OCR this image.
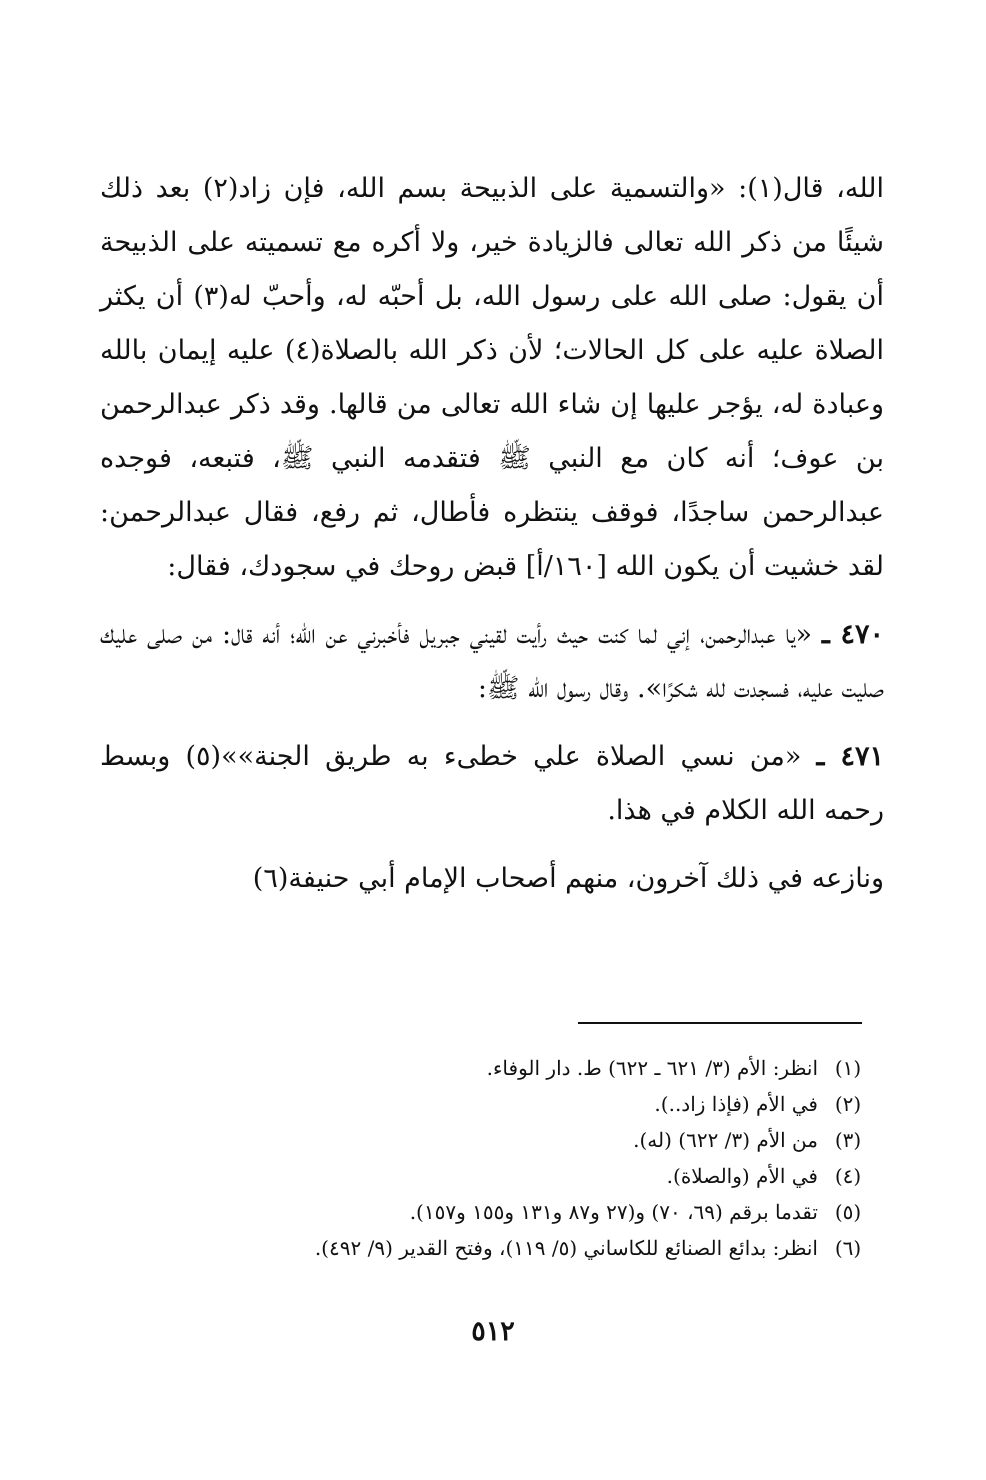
الله، قال(١): «والتسمية على الذبيحة بسم الله، فإن زاد(٢) بعد ذلك شيئًا من ذكر الله تعالى فالزيادة خير، ولا أكره مع تسميته على الذبيحة أن يقول: صلى الله على رسول الله، بل أحبّه له، وأحبّ له(٣) أن يكثر الصلاة عليه على كل الحالات؛ لأن ذكر الله بالصلاة(٤) عليه إيمان بالله وعبادة له، يؤجر عليها إن شاء الله تعالى من قالها. وقد ذكر عبدالرحمن بن عوف؛ أنه كان مع النبي ﷺ فتقدمه النبي ﷺ، فتبعه، فوجده عبدالرحمن ساجدًا، فوقف ينتظره فأطال، ثم رفع، فقال عبدالرحمن: لقد خشيت أن يكون الله [١٦٠/أ] قبض روحك في سجودك، فقال:

٤٧٠ ـ «يا عبدالرحمن، إني لما كنت حيث رأيت لقيني جبريل فأخبرني عن الله؛ أنه قال: من صلى عليك صليت عليه، فسجدت لله شكرًا». وقال رسول الله ﷺ:

٤٧١ ـ «من نسي الصلاة علي خطىء به طريق الجنة»»(٥) وبسط رحمه الله الكلام في هذا.

ونازعه في ذلك آخرون، منهم أصحاب الإمام أبي حنيفة(٦)

(١)
انظر: الأم (٣/ ٦٢١ ـ ٦٢٢) ط. دار الوفاء.
(٢)
في الأم (فإذا زاد..).
(٣)
من الأم (٣/ ٦٢٢) (له).
(٤)
في الأم (والصلاة).
(٥)
تقدما برقم (٦٩، ٧٠) و(٢٧ و٨٧ و١٣١ و١٥٥ و١٥٧).
(٦)
انظر: بدائع الصنائع للكاساني (٥/ ١١٩)، وفتح القدير (٩/ ٤٩٢).
٥١٢
